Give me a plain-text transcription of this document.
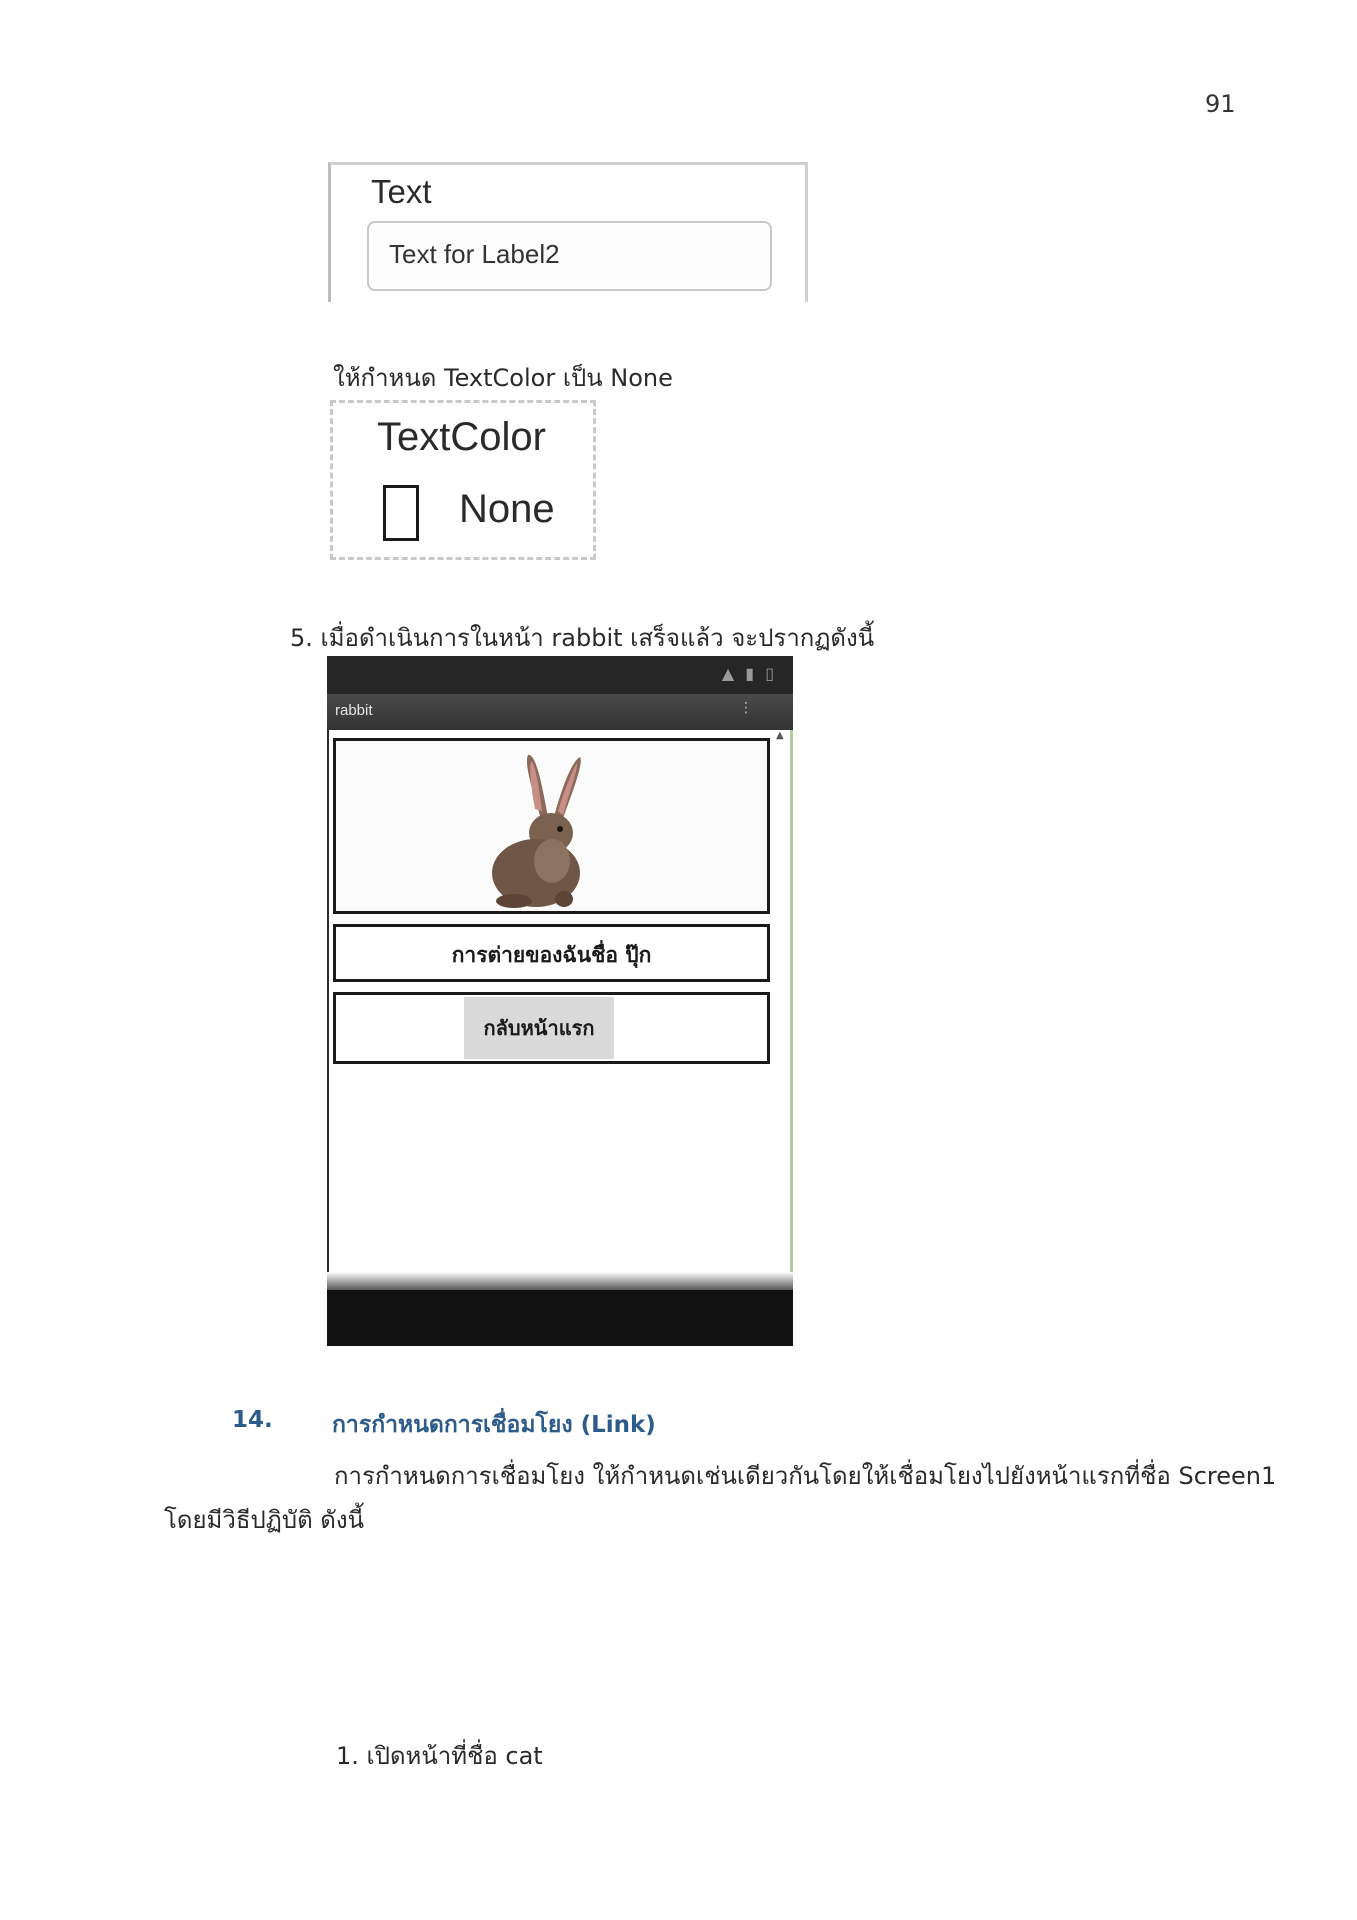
91
Text
Text for Label2
ให้กำหนด TextColor เป็น None
TextColor
None
5. เมื่อดำเนินการในหน้า rabbit เสร็จแล้ว จะปรากฏดังนี้
▲ ▮ ▯
rabbit	⋮
▲
การต่ายของฉันชื่อ ปุ๊ก
กลับหน้าแรก
14.	การกำหนดการเชื่อมโยง (Link)
การกำหนดการเชื่อมโยง ให้กำหนดเช่นเดียวกันโดยให้เชื่อมโยงไปยังหน้าแรกที่ชื่อ Screen1
โดยมีวิธีปฏิบัติ ดังนี้
1. เปิดหน้าที่ชื่อ cat
